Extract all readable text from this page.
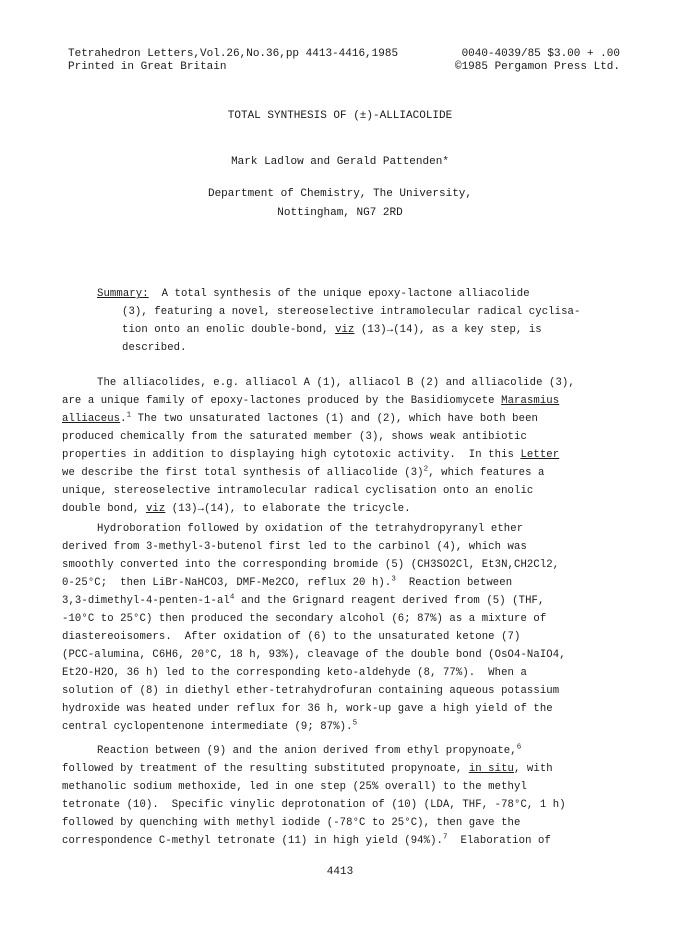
Tetrahedron Letters,Vol.26,No.36,pp 4413-4416,1985	0040-4039/85 $3.00 + .00
Printed in Great Britain	©1985 Pergamon Press Ltd.
TOTAL SYNTHESIS OF (±)-ALLIACOLIDE
Mark Ladlow and Gerald Pattenden*
Department of Chemistry, The University,
Nottingham, NG7 2RD
Summary: A total synthesis of the unique epoxy-lactone alliacolide
(3), featuring a novel, stereoselective intramolecular radical cyclisa-
tion onto an enolic double-bond, viz (13)→(14), as a key step, is
described.
The alliacolides, e.g. alliacol A (1), alliacol B (2) and alliacolide (3),
are a unique family of epoxy-lactones produced by the Basidiomycete Marasmius
alliaceus.$^1$ The two unsaturated lactones (1) and (2), which have both been
produced chemically from the saturated member (3), shows weak antibiotic
properties in addition to displaying high cytotoxic activity.  In this Letter
we describe the first total synthesis of alliacolide $(3)^2$, which features a
unique, stereoselective intramolecular radical cyclisation onto an enolic
double bond, viz (13)→(14), to elaborate the tricycle.
Hydroboration followed by oxidation of the tetrahydropyranyl ether
derived from 3-methyl-3-butenol first led to the carbinol (4), which was
smoothly converted into the corresponding bromide (5) (CH3SO2Cl, Et3N,CH2Cl2,
0-25°C;  then LiBr-NaHCO3, DMF-Me2CO, reflux 20 h).$^3$  Reaction between
$3,3-dimethyl-4-penten-1-al^4$ and the Grignard reagent derived from (5) (THF,
-10°C to 25°C) then produced the secondary alcohol (6; 87%) as a mixture of
diastereoisomers.  After oxidation of (6) to the unsaturated ketone (7)
(PCC-alumina, C6H6, 20°C, 18 h, 93%), cleavage of the double bond (OsO4-NaIO4,
Et2O-H2O, 36 h) led to the corresponding keto-aldehyde (8, 77%).  When a
solution of (8) in diethyl ether-tetrahydrofuran containing aqueous potassium
hydroxide was heated under reflux for 36 h, work-up gave a high yield of the
central cyclopentenone intermediate (9; 87%).$^5$
Reaction between (9) and the anion derived from ethyl propynoate,$^6$
followed by treatment of the resulting substituted propynoate, in situ, with
methanolic sodium methoxide, led in one step (25% overall) to the methyl
tetronate (10).  Specific vinylic deprotonation of (10) (LDA, THF, -78°C, 1 h)
followed by quenching with methyl iodide (-78°C to 25°C), then gave the
correspondence C-methyl tetronate (11) in high yield (94%).$^7$  Elaboration of
4413
